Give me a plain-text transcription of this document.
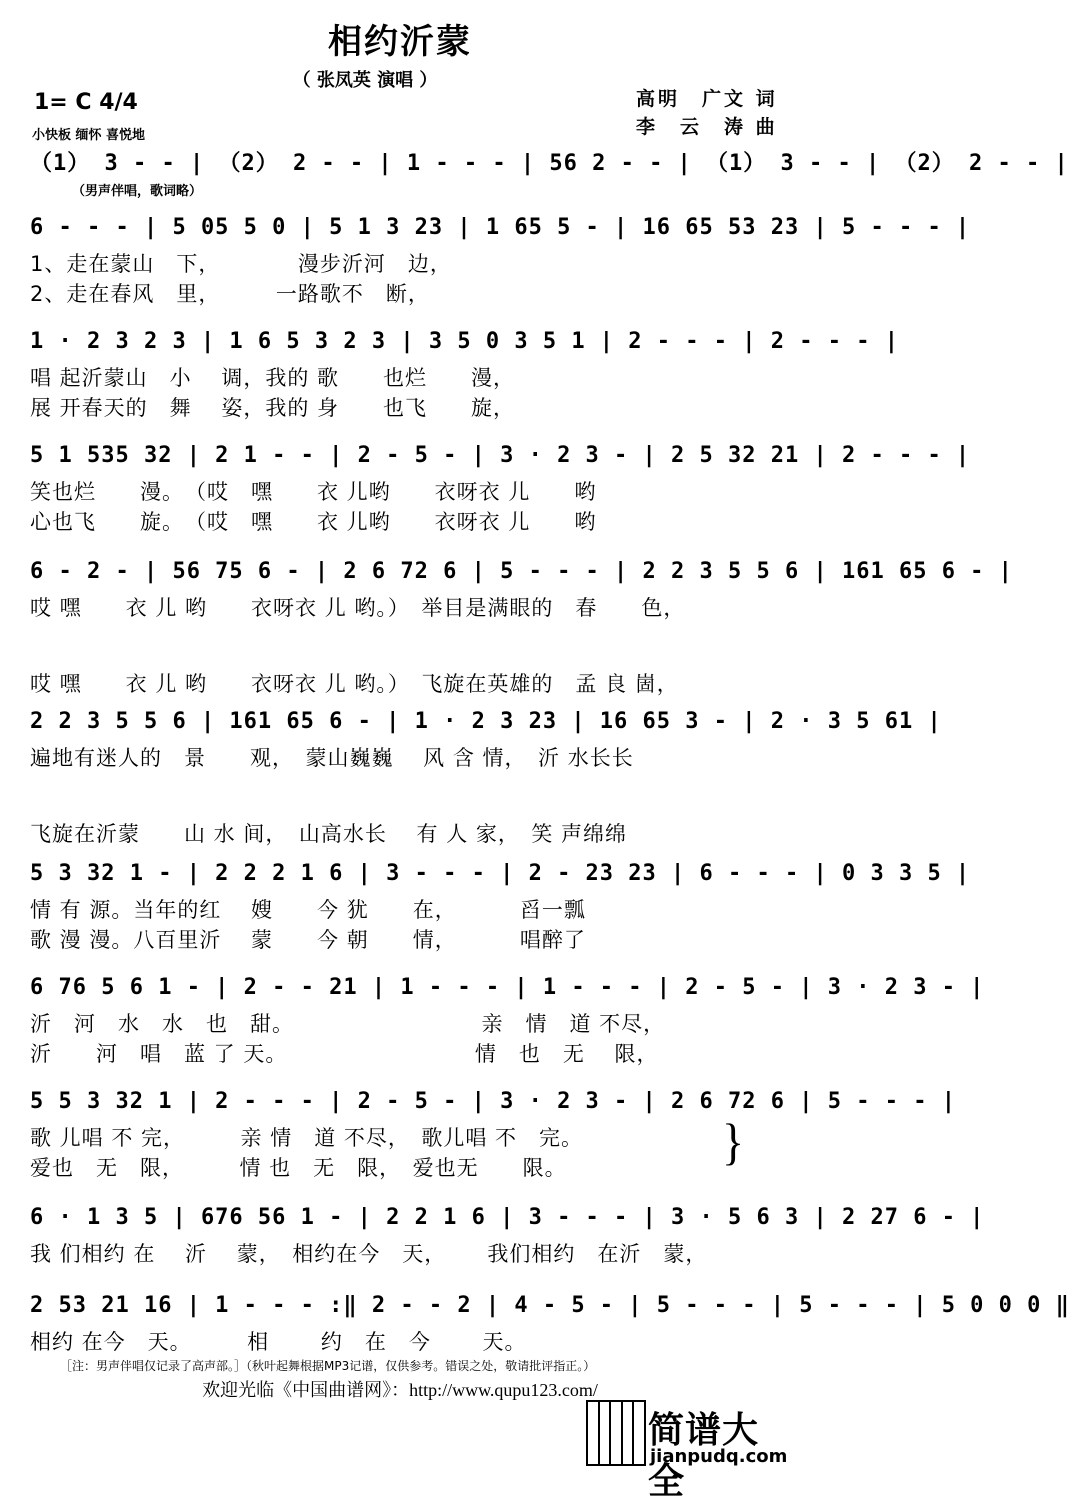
相约沂蒙
（ 张凤英 演唱 ）
高明　广文 词
李　云　涛 曲
1= C 4/4
小快板 缅怀 喜悦地
（男声伴唱，歌词略）
（1） 3 - - | （2） 2 - - | 1 - - - | 56 2 - - | （1） 3 - - | （2） 2 - - |
6 - - - | 5 05 5 0 | 5 1 3 23 | 1 65 5 - | 16 65 53 23 | 5 - - - |
1、走在蒙山　下，　　　　漫步沂河　边，
2、走在春风　里，　　　一路歌不　断，
1 · 2 3 2 3 | 1 6 5 3 2 3 | 3 5 0 3 5 1 | 2 - - - | 2 - - - |
唱 起沂蒙山　小　 调，我的 歌　　也烂　　漫，
展 开春天的　舞　 姿，我的 身　　也飞　　旋，
5 1 535 32 | 2 1 - - | 2 - 5 - | 3 · 2 3 - | 2 5 32 21 | 2 - - - |
笑也烂　　漫。　（哎　嘿　　衣 儿哟　　衣呀衣 儿　　哟
心也飞　　旋。　（哎　嘿　　衣 儿哟　　衣呀衣 儿　　哟
6 - 2 - | 56 75 6 - | 2 6 72 6 | 5 - - - | 2 2 3 5 5 6 | 161 65 6 - |
哎 嘿　　衣 儿 哟　　衣呀衣 儿 哟。）　举目是满眼的　春　　色，
哎 嘿　　衣 儿 哟　　衣呀衣 儿 哟。）　飞旋在英雄的　孟 良 崮，
2 2 3 5 5 6 | 161 65 6 - | 1 · 2 3 23 | 16 65 3 - | 2 · 3 5 61 |
遍地有迷人的　景　　观，　蒙山巍巍　 风 含 情，　沂 水长长
飞旋在沂蒙　　山 水 间，　山高水长　 有 人 家，　笑 声绵绵
5 3 32 1 - | 2 2 2 1 6 | 3 - - - | 2 - 23 23 | 6 - - - | 0 3 3 5 |
情 有 源。当年的红　 嫂　　今 犹　　在，　　　 舀一瓢
歌 漫 漫。八百里沂　 蒙　　今 朝　　情，　　　 唱醉了
6 76 5 6 1 - | 2 - - 21 | 1 - - - | 1 - - - | 2 - 5 - | 3 · 2 3 - |
沂　河　水　水　也　甜。　　　　　　　　　亲　情　道 不尽，
沂　　河　唱　蓝 了 天。　　　　　　　　　情　也　无　 限，
5 5 3 32 1 | 2 - - - | 2 - 5 - | 3 · 2 3 - | 2 6 72 6 | 5 - - - |
歌 儿唱 不 完，　　　亲 情　道 不尽，　歌儿唱 不　完。
爱也　无　限，　　　情 也　无　限，　爱也无　　限。
6 · 1 3 5 | 676 56 1 - | 2 2 1 6 | 3 - - - | 3 · 5 6 3 | 2 27 6 - |
我 们相约 在　 沂　 蒙，　相约在今　天，　　 我们相约　在沂　蒙，
2 53 21 16 | 1 - - - :‖ 2 - - 2 | 4 - 5 - | 5 - - - | 5 - - - | 5 0 0 0 ‖
相约 在今　天。　　　相　　 约　在　今　　 天。
}
［注：男声伴唱仅记录了高声部。］（秋叶起舞根据MP3记谱，仅供参考。错误之处，敬请批评指正。）
欢迎光临《中国曲谱网》：http://www.qupu123.com/
简谱大全
jianpudq.com
